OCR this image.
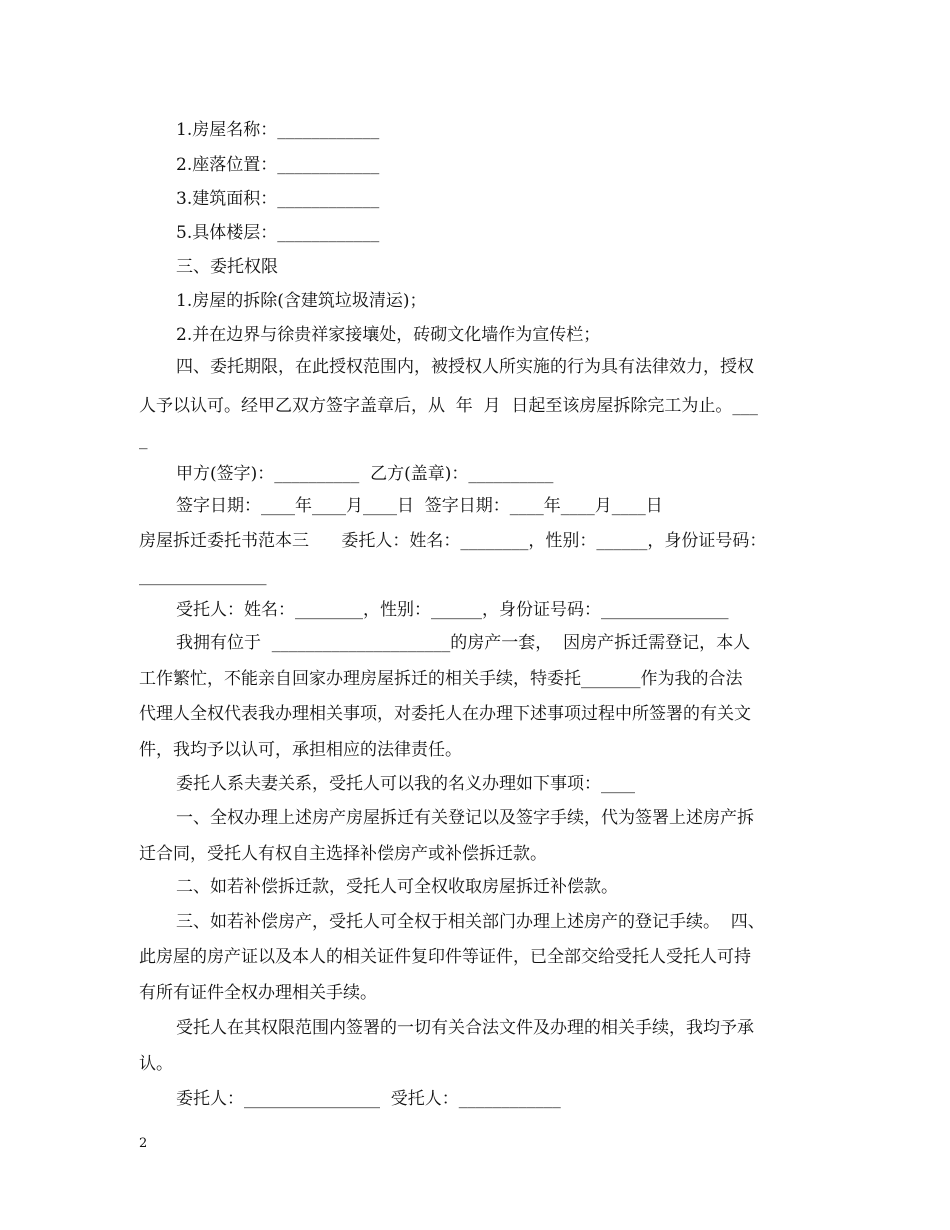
1.房屋名称：____________
2.座落位置：____________
3.建筑面积：____________
5.具体楼层：____________
三、委托权限
1.房屋的拆除(含建筑垃圾清运)；
2.并在边界与徐贵祥家接壤处，砖砌文化墙作为宣传栏；
四、委托期限，在此授权范围内，被授权人所实施的行为具有法律效力，授权
人予以认可。经甲乙双方签字盖章后，从  年  月  日起至该房屋拆除完工为止。___
_
甲方(签字)：__________  乙方(盖章)：__________
签字日期：____年____月____日  签字日期：____年____月____日
房屋拆迁委托书范本三      委托人：姓名：________，性别：______，身份证号码：
_______________
受托人：姓名：________，性别：______，身份证号码：_______________
我拥有位于  _____________________的房产一套，  因房产拆迁需登记，本人
工作繁忙，不能亲自回家办理房屋拆迁的相关手续，特委托_______作为我的合法
代理人全权代表我办理相关事项，对委托人在办理下述事项过程中所签署的有关文
件，我均予以认可，承担相应的法律责任。
委托人系夫妻关系，受托人可以我的名义办理如下事项：____
一、全权办理上述房产房屋拆迁有关登记以及签字手续，代为签署上述房产拆
迁合同，受托人有权自主选择补偿房产或补偿拆迁款。
二、如若补偿拆迁款，受托人可全权收取房屋拆迁补偿款。
三、如若补偿房产，受托人可全权于相关部门办理上述房产的登记手续。  四、
此房屋的房产证以及本人的相关证件复印件等证件，已全部交给受托人受托人可持
有所有证件全权办理相关手续。
受托人在其权限范围内签署的一切有关合法文件及办理的相关手续，我均予承
认。
委托人：________________  受托人：____________
2
